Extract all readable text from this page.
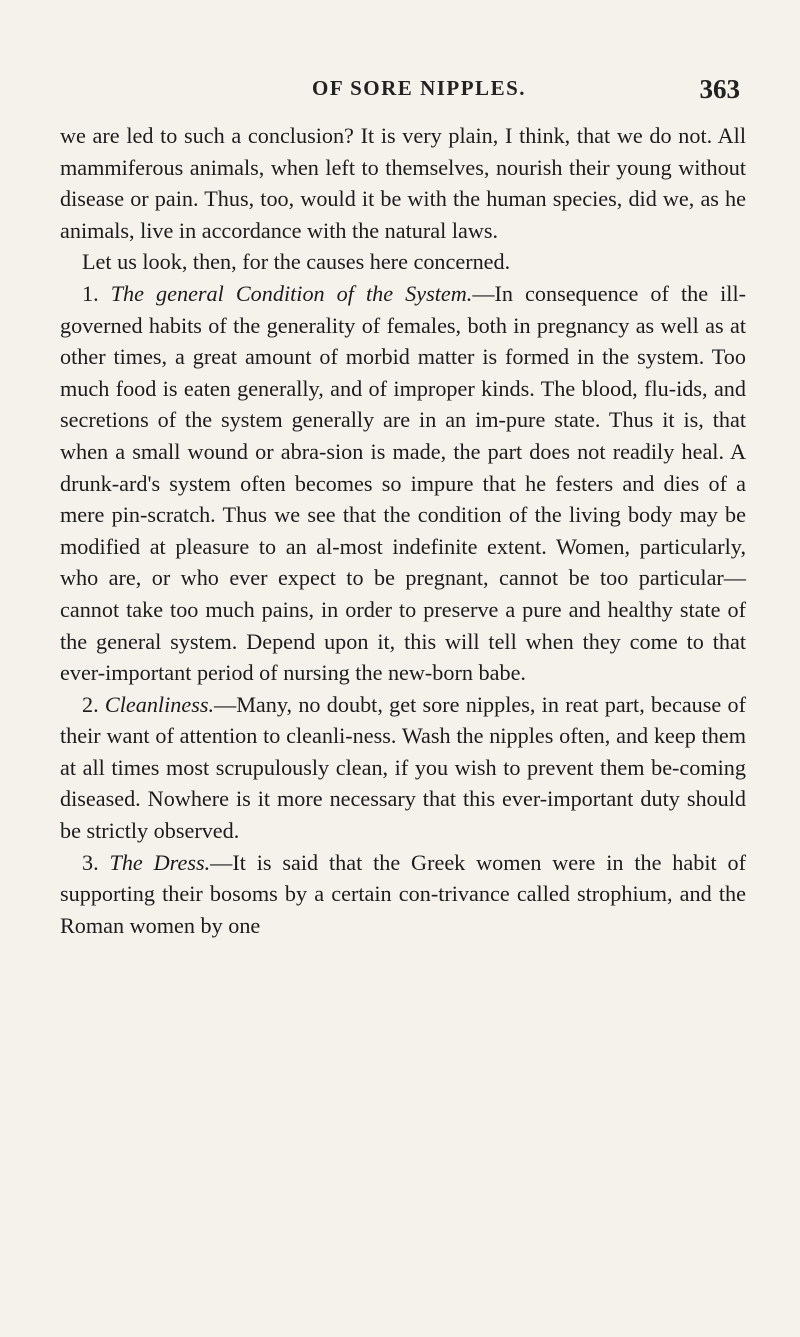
OF SORE NIPPLES.	363

we are led to such a conclusion? It is very plain, I think, that we do not. All mammiferous animals, when left to themselves, nourish their young without disease or pain. Thus, too, would it be with the human species, did we, as he animals, live in accordance with the natural laws.

Let us look, then, for the causes here concerned.

1. The general Condition of the System.—In consequence of the ill-governed habits of the generality of females, both in pregnancy as well as at other times, a great amount of morbid matter is formed in the system. Too much food is eaten generally, and of improper kinds. The blood, flu-ids, and secretions of the system generally are in an im-pure state. Thus it is, that when a small wound or abra-sion is made, the part does not readily heal. A drunk-ard's system often becomes so impure that he festers and dies of a mere pin-scratch. Thus we see that the condition of the living body may be modified at pleasure to an al-most indefinite extent. Women, particularly, who are, or who ever expect to be pregnant, cannot be too particular—cannot take too much pains, in order to preserve a pure and healthy state of the general system. Depend upon it, this will tell when they come to that ever-important period of nursing the new-born babe.

2. Cleanliness.—Many, no doubt, get sore nipples, in reat part, because of their want of attention to cleanli-ness. Wash the nipples often, and keep them at all times most scrupulously clean, if you wish to prevent them be-coming diseased. Nowhere is it more necessary that this ever-important duty should be strictly observed.

3. The Dress.—It is said that the Greek women were in the habit of supporting their bosoms by a certain con-trivance called strophium, and the Roman women by one
